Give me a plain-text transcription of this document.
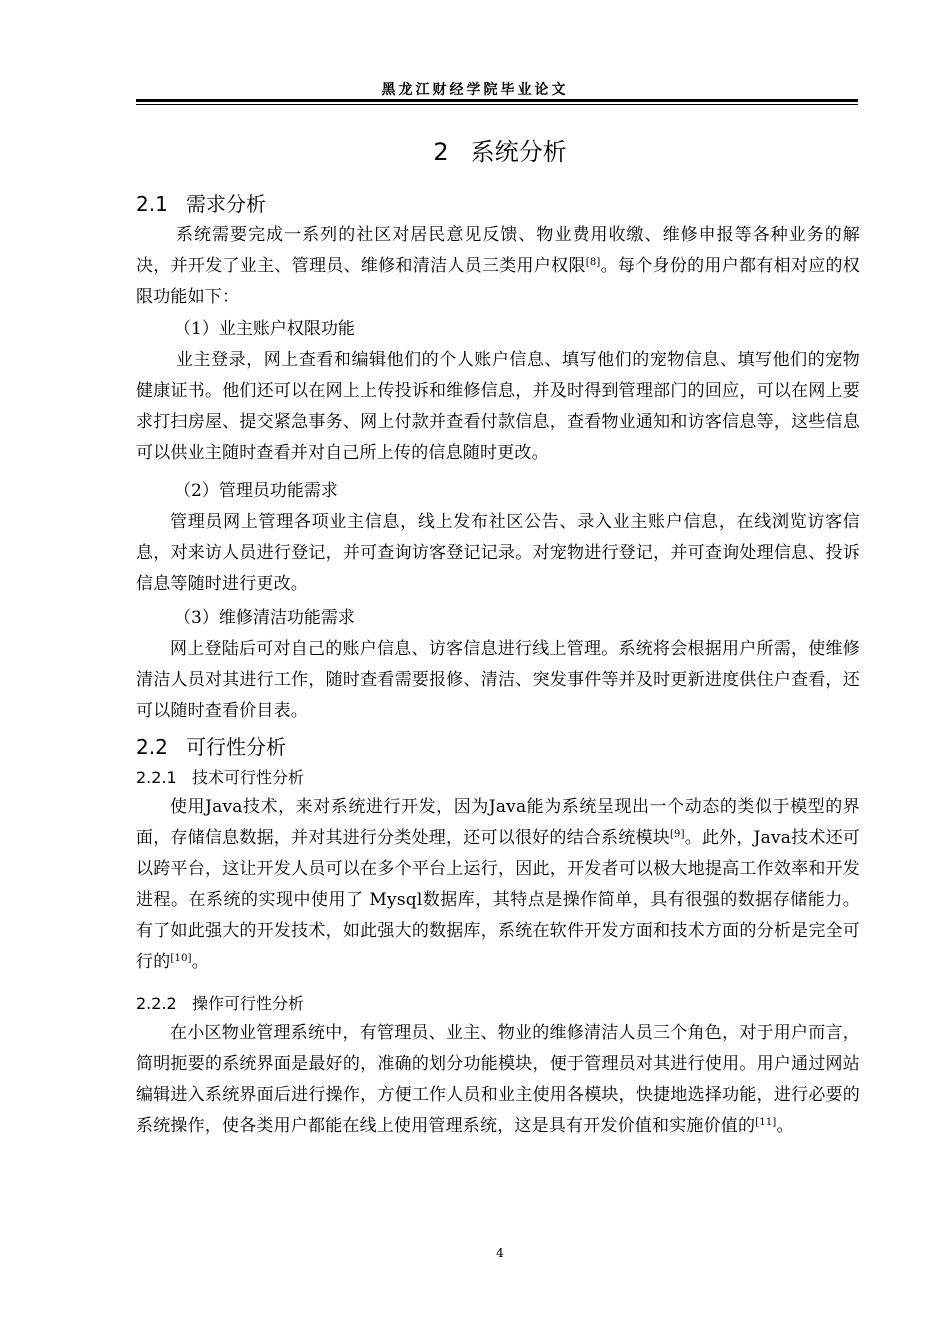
黑龙江财经学院毕业论文
2 系统分析
2.1 需求分析

系统需要完成一系列的社区对居民意见反馈、物业费用收缴、维修申报等各种业务的解决，并开发了业主、管理员、维修和清洁人员三类用户权限[8]。每个身份的用户都有相对应的权限功能如下：

（1）业主账户权限功能

业主登录，网上查看和编辑他们的个人账户信息、填写他们的宠物信息、填写他们的宠物健康证书。他们还可以在网上上传投诉和维修信息，并及时得到管理部门的回应，可以在网上要求打扫房屋、提交紧急事务、网上付款并查看付款信息，查看物业通知和访客信息等，这些信息可以供业主随时查看并对自己所上传的信息随时更改。

（2）管理员功能需求

管理员网上管理各项业主信息，线上发布社区公告、录入业主账户信息，在线浏览访客信息，对来访人员进行登记，并可查询访客登记记录。对宠物进行登记，并可查询处理信息、投诉信息等随时进行更改。

（3）维修清洁功能需求

网上登陆后可对自己的账户信息、访客信息进行线上管理。系统将会根据用户所需，使维修清洁人员对其进行工作，随时查看需要报修、清洁、突发事件等并及时更新进度供住户查看，还可以随时查看价目表。

2.2 可行性分析
2.2.1 技术可行性分析

使用Java技术，来对系统进行开发，因为Java能为系统呈现出一个动态的类似于模型的界面，存储信息数据，并对其进行分类处理，还可以很好的结合系统模块[9]。此外，Java技术还可以跨平台，这让开发人员可以在多个平台上运行，因此，开发者可以极大地提高工作效率和开发进程。在系统的实现中使用了 Mysql数据库，其特点是操作简单，具有很强的数据存储能力。有了如此强大的开发技术，如此强大的数据库，系统在软件开发方面和技术方面的分析是完全可行的[10]。

2.2.2 操作可行性分析

在小区物业管理系统中，有管理员、业主、物业的维修清洁人员三个角色，对于用户而言，简明扼要的系统界面是最好的，准确的划分功能模块，便于管理员对其进行使用。用户通过网站编辑进入系统界面后进行操作，方便工作人员和业主使用各模块，快捷地选择功能，进行必要的系统操作，使各类用户都能在线上使用管理系统，这是具有开发价值和实施价值的[11]。

4
